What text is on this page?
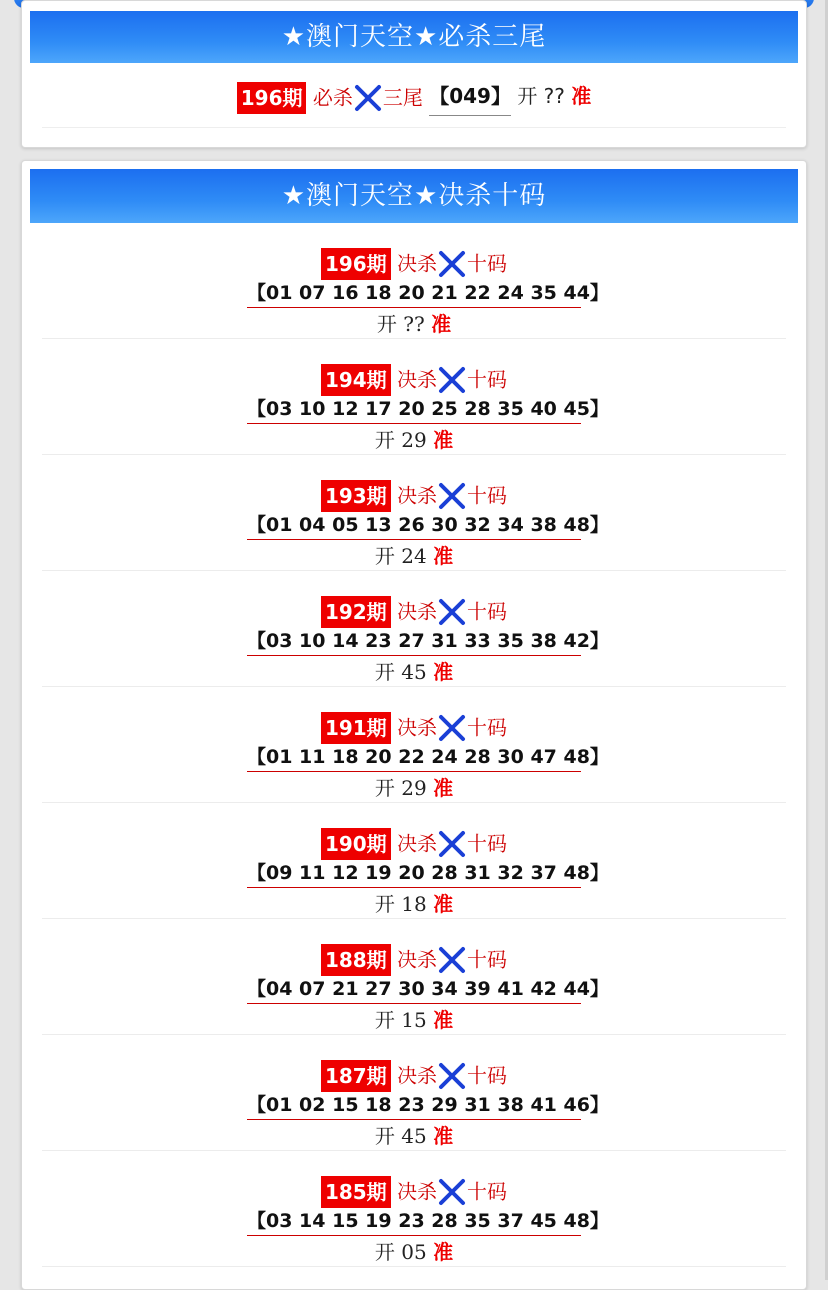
★澳门天空★必杀三尾
196期 必杀 三尾 【049】 开 ?? 准
★澳门天空★决杀十码
196期 决杀 十码
【01 07 16 18 20 21 22 24 35 44】
开 ?? 准
194期 决杀 十码
【03 10 12 17 20 25 28 35 40 45】
开 29 准
193期 决杀 十码
【01 04 05 13 26 30 32 34 38 48】
开 24 准
192期 决杀 十码
【03 10 14 23 27 31 33 35 38 42】
开 45 准
191期 决杀 十码
【01 11 18 20 22 24 28 30 47 48】
开 29 准
190期 决杀 十码
【09 11 12 19 20 28 31 32 37 48】
开 18 准
188期 决杀 十码
【04 07 21 27 30 34 39 41 42 44】
开 15 准
187期 决杀 十码
【01 02 15 18 23 29 31 38 41 46】
开 45 准
185期 决杀 十码
【03 14 15 19 23 28 35 37 45 48】
开 05 准
